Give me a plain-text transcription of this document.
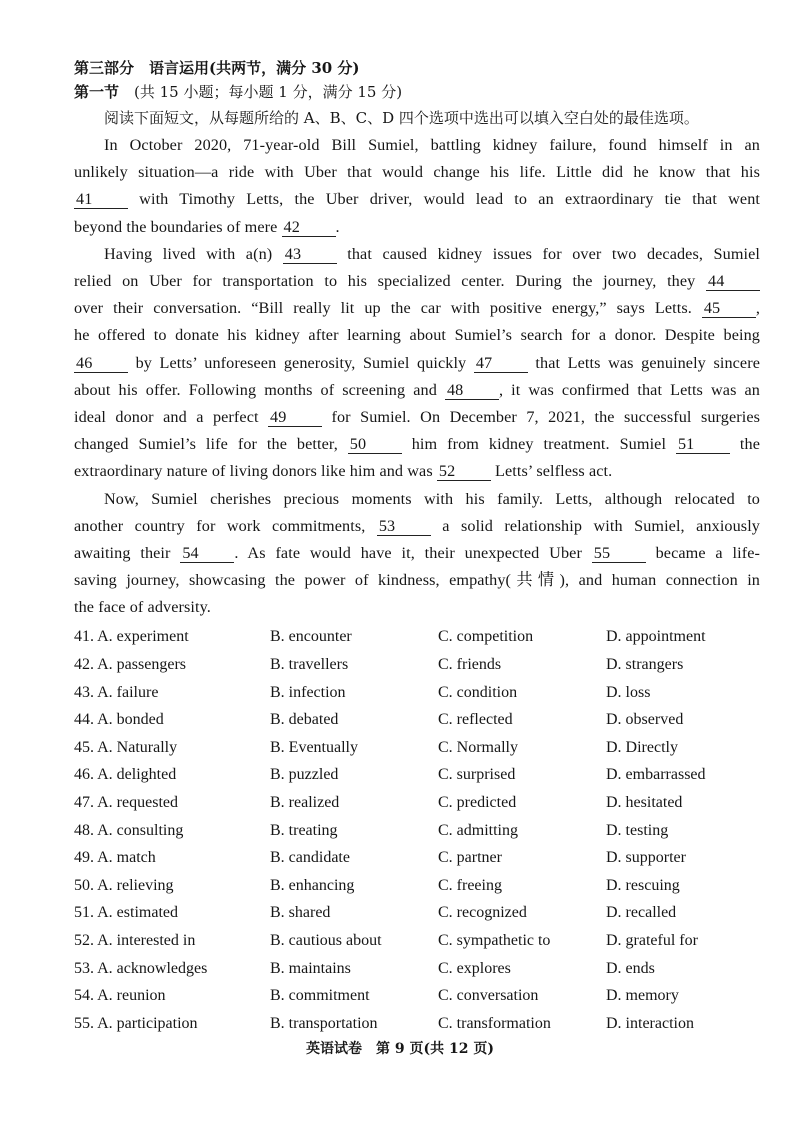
第三部分　语言运用(共两节，满分 30 分)

第一节　(共 15 小题；每小题 1 分，满分 15 分)

阅读下面短文，从每题所给的 A、B、C、D 四个选项中选出可以填入空白处的最佳选项。

In October 2020, 71-year-old Bill Sumiel, battling kidney failure, found himself in an
unlikely situation—a ride with Uber that would change his life. Little did he know that his
41 with Timothy Letts, the Uber driver, would lead to an extraordinary tie that went
beyond the boundaries of mere 42 .
Having lived with a(n) 43 that caused kidney issues for over two decades, Sumiel
relied on Uber for transportation to his specialized center. During the journey, they 44
over their conversation. “Bill really lit up the car with positive energy,” says Letts. 45 ,
he offered to donate his kidney after learning about Sumiel’s search for a donor. Despite being
46 by Letts’ unforeseen generosity, Sumiel quickly 47 that Letts was genuinely sincere
about his offer. Following months of screening and 48 , it was confirmed that Letts was an
ideal donor and a perfect 49 for Sumiel. On December 7, 2021, the successful surgeries
changed Sumiel’s life for the better, 50 him from kidney treatment. Sumiel 51 the
extraordinary nature of living donors like him and was 52 Letts’ selfless act.
Now, Sumiel cherishes precious moments with his family. Letts, although relocated to
another country for work commitments, 53 a solid relationship with Sumiel, anxiously
awaiting their 54 . As fate would have it, their unexpected Uber 55 became a life-
saving journey, showcasing the power of kindness, empathy(共情), and human connection in
the face of adversity.
41. A. experiment	B. encounter	C. competition	D. appointment
42. A. passengers	B. travellers	C. friends	D. strangers
43. A. failure	B. infection	C. condition	D. loss
44. A. bonded	B. debated	C. reflected	D. observed
45. A. Naturally	B. Eventually	C. Normally	D. Directly
46. A. delighted	B. puzzled	C. surprised	D. embarrassed
47. A. requested	B. realized	C. predicted	D. hesitated
48. A. consulting	B. treating	C. admitting	D. testing
49. A. match	B. candidate	C. partner	D. supporter
50. A. relieving	B. enhancing	C. freeing	D. rescuing
51. A. estimated	B. shared	C. recognized	D. recalled
52. A. interested in	B. cautious about	C. sympathetic to	D. grateful for
53. A. acknowledges	B. maintains	C. explores	D. ends
54. A. reunion	B. commitment	C. conversation	D. memory
55. A. participation	B. transportation	C. transformation	D. interaction
英语试卷　第 9 页(共 12 页)
